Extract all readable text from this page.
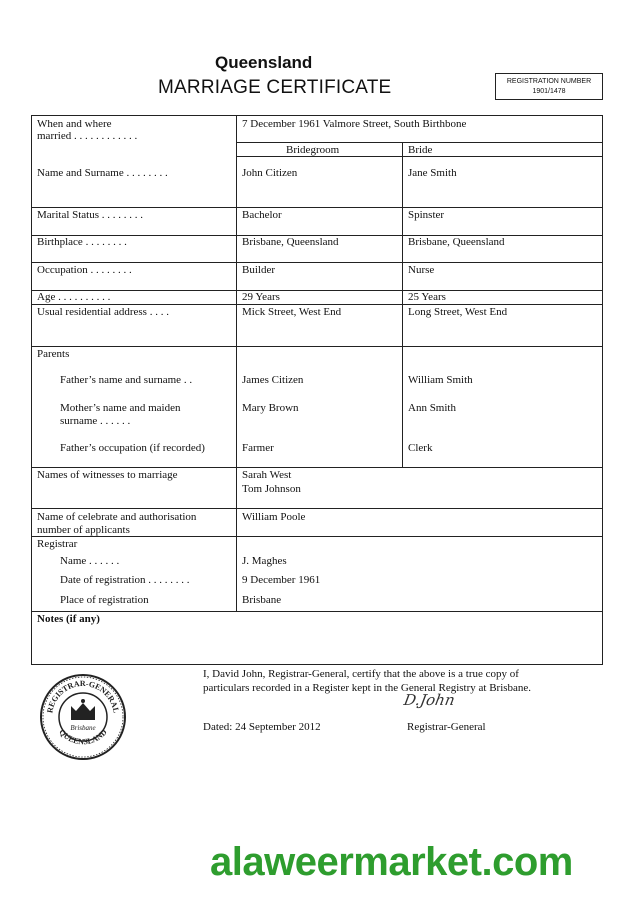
Queensland
MARRIAGE CERTIFICATE	REGISTRATION NUMBER
1901/1478
When and where
married . . . . . . . . . . . .
7 December 1961 Valmore Street, South Birthbone
Bridegroom	Bride
Name and Surname . . . . . . . .	John Citizen	Jane Smith
Marital Status . . . . . . . .	Bachelor	Spinster
Birthplace . . . . . . . .	Brisbane, Queensland	Brisbane, Queensland
Occupation . . . . . . . .	Builder	Nurse
Age . . . . . . . . . .	29 Years	25 Years
Usual residential address . . . .	Mick Street, West End	Long Street, West End
Parents
Father’s name and surname . .	James Citizen	William Smith
Mother’s name and maiden
surname . . . . . .
Mary Brown	Ann Smith
Father’s occupation (if recorded)	Farmer	Clerk
Names of witnesses to marriage	Sarah West
Tom Johnson
Name of celebrate and authorisation
number of applicants
William Poole
Registrar
Name . . . . . .	J. Maghes
Date of registration . . . . . . . .	9 December 1961
Place of registration	Brisbane
Notes (if any)
REGISTRAR-GENERAL
QUEENSLAND
Brisbane
I, David John, Registrar-General, certify that the above is a true copy of
particulars recorded in a Register kept in the General Registry at Brisbane.
D.John
Dated: 24 September 2012	Registrar-General
alaweermarket.com
